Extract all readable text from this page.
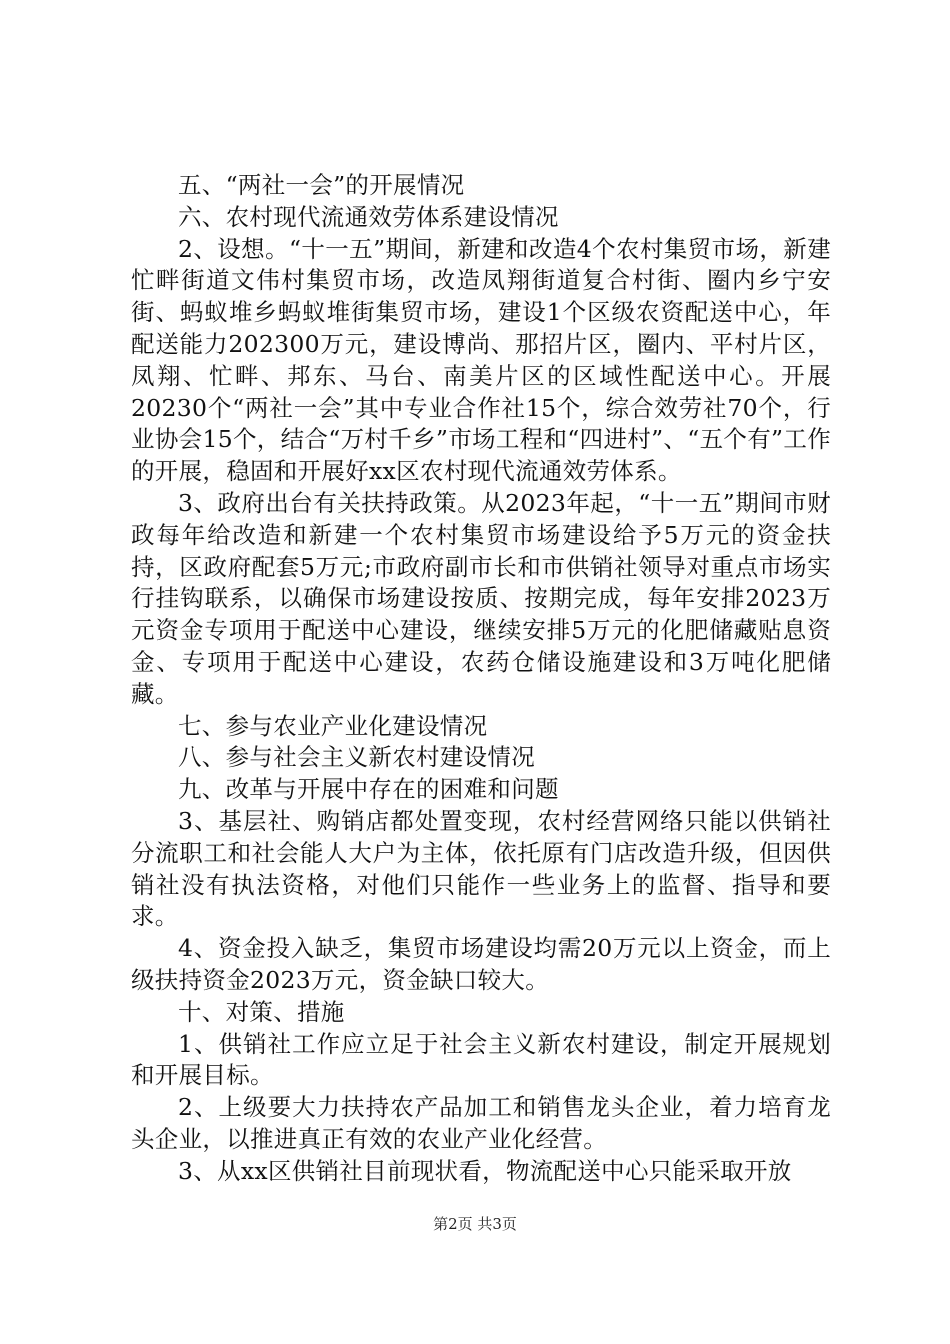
五、“两社一会”的开展情况

六、农村现代流通效劳体系建设情况

2、设想。“十一五”期间，新建和改造4个农村集贸市场，新建忙畔街道文伟村集贸市场，改造凤翔街道复合村街、圈内乡宁安街、蚂蚁堆乡蚂蚁堆街集贸市场，建设1个区级农资配送中心，年配送能力202300万元，建设博尚、那招片区，圈内、平村片区，凤翔、忙畔、邦东、马台、南美片区的区域性配送中心。开展20230个“两社一会”其中专业合作社15个，综合效劳社70个，行业协会15个，结合“万村千乡”市场工程和“四进村”、“五个有”工作的开展，稳固和开展好xx区农村现代流通效劳体系。

3、政府出台有关扶持政策。从2023年起，“十一五”期间市财政每年给改造和新建一个农村集贸市场建设给予5万元的资金扶持，区政府配套5万元;市政府副市长和市供销社领导对重点市场实行挂钩联系，以确保市场建设按质、按期完成，每年安排2023万元资金专项用于配送中心建设，继续安排5万元的化肥储藏贴息资金、专项用于配送中心建设，农药仓储设施建设和3万吨化肥储藏。

七、参与农业产业化建设情况

八、参与社会主义新农村建设情况

九、改革与开展中存在的困难和问题

3、基层社、购销店都处置变现，农村经营网络只能以供销社分流职工和社会能人大户为主体，依托原有门店改造升级，但因供销社没有执法资格，对他们只能作一些业务上的监督、指导和要求。

4、资金投入缺乏，集贸市场建设均需20万元以上资金，而上级扶持资金2023万元，资金缺口较大。

十、对策、措施

1、供销社工作应立足于社会主义新农村建设，制定开展规划和开展目标。

2、上级要大力扶持农产品加工和销售龙头企业，着力培育龙头企业，以推进真正有效的农业产业化经营。

3、从xx区供销社目前现状看，物流配送中心只能采取开放

第2页 共3页
